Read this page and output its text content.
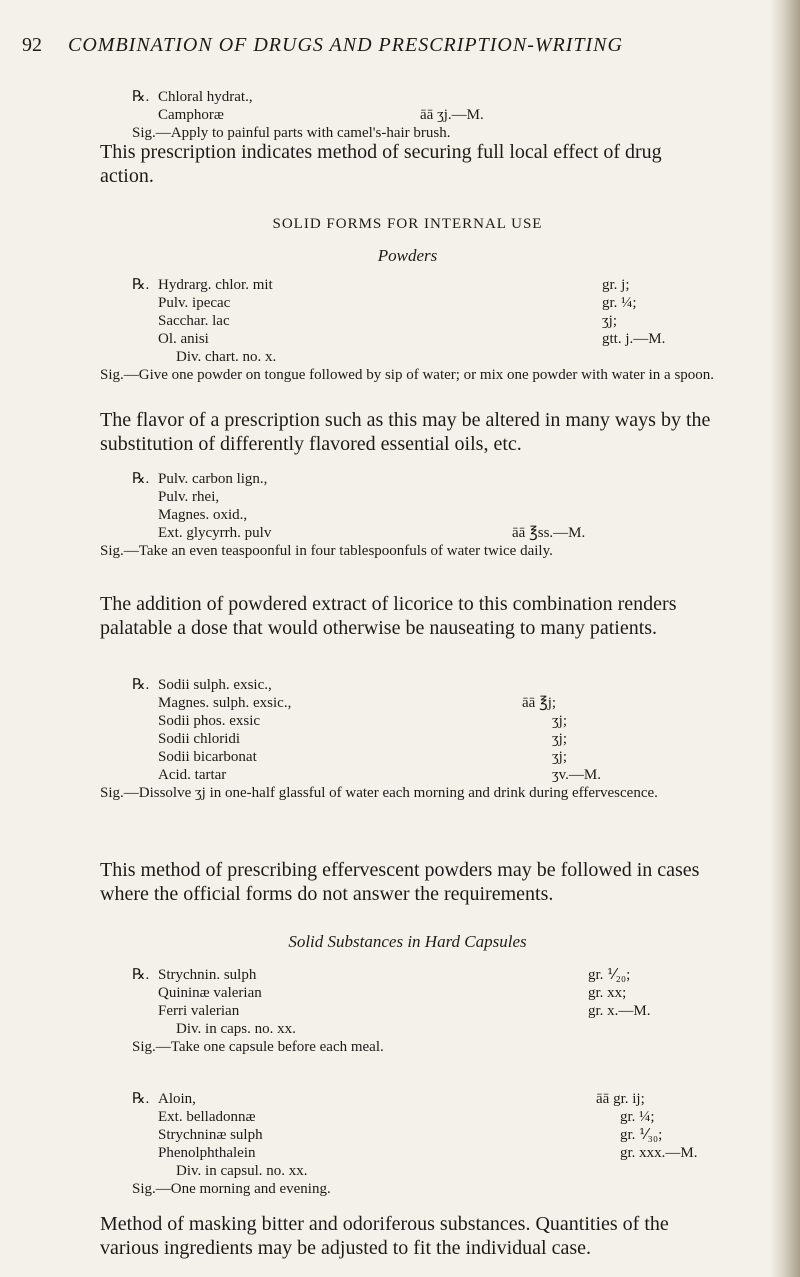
92 COMBINATION OF DRUGS AND PRESCRIPTION-WRITING
℞. Chloral hydrat.,
Camphoræ	āā ʒj.—M.
Sig.—Apply to painful parts with camel's-hair brush.

This prescription indicates method of securing full local effect of drug action.

SOLID FORMS FOR INTERNAL USE
Powders
℞. Hydrarg. chlor. mit	gr. j;
Pulv. ipecac	gr. ¼;
Sacchar. lac	ʒj;
Ol. anisi	gtt. j.—M.
Div. chart. no. x.
Sig.—Give one powder on tongue followed by sip of water; or mix one powder with water in a spoon.

The flavor of a prescription such as this may be altered in many ways by the substitution of differently flavored essential oils, etc.

℞. Pulv. carbon lign.,
Pulv. rhei,
Magnes. oxid.,
Ext. glycyrrh. pulv	āā ℥ss.—M.
Sig.—Take an even teaspoonful in four tablespoonfuls of water twice daily.

The addition of powdered extract of licorice to this combination renders palatable a dose that would otherwise be nauseating to many patients.

℞. Sodii sulph. exsic.,
Magnes. sulph. exsic.,	āā ℥j;
Sodii phos. exsic	ʒj;
Sodii chloridi	ʒj;
Sodii bicarbonat	ʒj;
Acid. tartar	ʒv.—M.
Sig.—Dissolve ʒj in one-half glassful of water each morning and drink during effervescence.

This method of prescribing effervescent powders may be followed in cases where the official forms do not answer the requirements.

Solid Substances in Hard Capsules
℞. Strychnin. sulph	gr. ⅟₂₀;
Quininæ valerian	gr. xx;
Ferri valerian	gr. x.—M.
Div. in caps. no. xx.
Sig.—Take one capsule before each meal.
℞. Aloin,	āā gr. ij;
Ext. belladonnæ	gr. ¼;
Strychninæ sulph	gr. ⅟₃₀;
Phenolphthalein	gr. xxx.—M.
Div. in capsul. no. xx.
Sig.—One morning and evening.

Method of masking bitter and odoriferous substances. Quantities of the various ingredients may be adjusted to fit the individual case.
